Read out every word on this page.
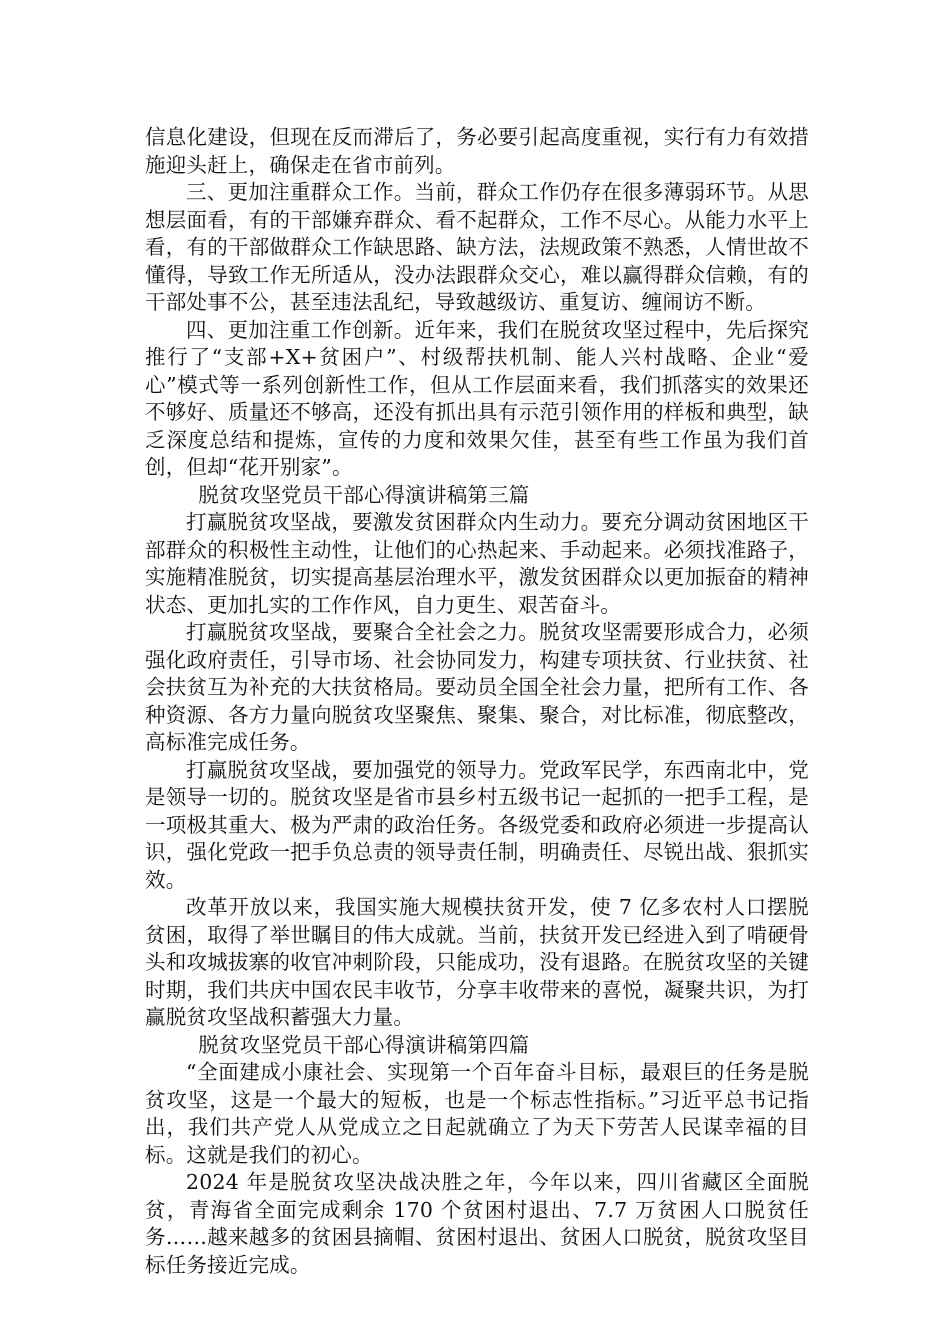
信息化建设，但现在反而滞后了，务必要引起高度重视，实行有力有效措施迎头赶上，确保走在省市前列。

三、更加注重群众工作。当前，群众工作仍存在很多薄弱环节。从思想层面看，有的干部嫌弃群众、看不起群众，工作不尽心。从能力水平上看，有的干部做群众工作缺思路、缺方法，法规政策不熟悉，人情世故不懂得，导致工作无所适从，没办法跟群众交心，难以赢得群众信赖，有的干部处事不公，甚至违法乱纪，导致越级访、重复访、缠闹访不断。

四、更加注重工作创新。近年来，我们在脱贫攻坚过程中，先后探究推行了“支部+X+贫困户”、村级帮扶机制、能人兴村战略、企业“爱心”模式等一系列创新性工作，但从工作层面来看，我们抓落实的效果还不够好、质量还不够高，还没有抓出具有示范引领作用的样板和典型，缺乏深度总结和提炼，宣传的力度和效果欠佳，甚至有些工作虽为我们首创，但却“花开别家”。

脱贫攻坚党员干部心得演讲稿第三篇

打赢脱贫攻坚战，要激发贫困群众内生动力。要充分调动贫困地区干部群众的积极性主动性，让他们的心热起来、手动起来。必须找准路子，实施精准脱贫，切实提高基层治理水平，激发贫困群众以更加振奋的精神状态、更加扎实的工作作风，自力更生、艰苦奋斗。

打赢脱贫攻坚战，要聚合全社会之力。脱贫攻坚需要形成合力，必须强化政府责任，引导市场、社会协同发力，构建专项扶贫、行业扶贫、社会扶贫互为补充的大扶贫格局。要动员全国全社会力量，把所有工作、各种资源、各方力量向脱贫攻坚聚焦、聚集、聚合，对比标准，彻底整改，高标准完成任务。

打赢脱贫攻坚战，要加强党的领导力。党政军民学，东西南北中，党是领导一切的。脱贫攻坚是省市县乡村五级书记一起抓的一把手工程，是一项极其重大、极为严肃的政治任务。各级党委和政府必须进一步提高认识，强化党政一把手负总责的领导责任制，明确责任、尽锐出战、狠抓实效。

改革开放以来，我国实施大规模扶贫开发，使 7 亿多农村人口摆脱贫困，取得了举世瞩目的伟大成就。当前，扶贫开发已经进入到了啃硬骨头和攻城拔寨的收官冲刺阶段，只能成功，没有退路。在脱贫攻坚的关键时期，我们共庆中国农民丰收节，分享丰收带来的喜悦，凝聚共识，为打赢脱贫攻坚战积蓄强大力量。

脱贫攻坚党员干部心得演讲稿第四篇

“全面建成小康社会、实现第一个百年奋斗目标，最艰巨的任务是脱贫攻坚，这是一个最大的短板，也是一个标志性指标。”习近平总书记指出，我们共产党人从党成立之日起就确立了为天下劳苦人民谋幸福的目标。这就是我们的初心。

2024 年是脱贫攻坚决战决胜之年，今年以来，四川省藏区全面脱贫，青海省全面完成剩余 170 个贫困村退出、7.7 万贫困人口脱贫任务……越来越多的贫困县摘帽、贫困村退出、贫困人口脱贫，脱贫攻坚目标任务接近完成。
